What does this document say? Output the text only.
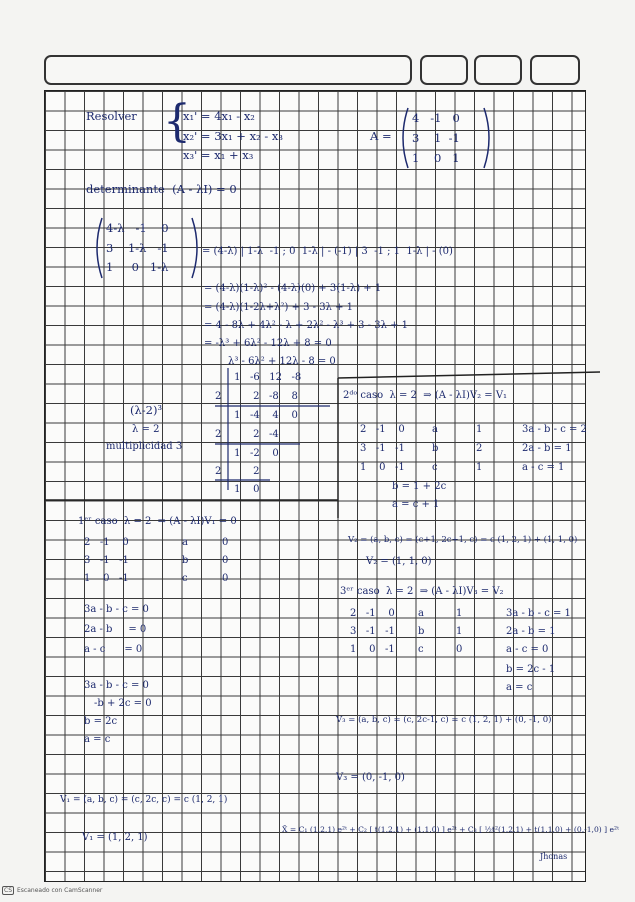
Resolver {
x₁' = 4x₁ - x₂
x₂' = 3x₁ + x₂ - x₃
x₃' = x₁ + x₃
A =
4   -1   0
3    1  -1
1    0   1
determinante  (A - λI) = 0
4-λ   -1    0
3    1-λ   -1
1     0   1-λ
= (4-λ) | 1-λ  -1 ; 0  1-λ | - (-1) | 3  -1 ; 1  1-λ | - (0)
= (4-λ)(1-λ)² - (4-λ)(0) + 3(1-λ) + 1
= (4-λ)(1-2λ+λ²) + 3 - 3λ + 1
= 4 - 8λ + 4λ² - λ + 2λ² - λ³ + 3 - 3λ + 1
= -λ³ + 6λ² - 12λ + 8 = 0
λ³ - 6λ² + 12λ - 8 = 0
1   -6   12   -8
2          2   -8    8
1   -4    4    0
2          2   -4
1   -2    0
2          2
1    0
(λ-2)³
λ = 2
multiplicidad 3
2ᵈᵒ caso  λ = 2  ⇒ (A - λI)V₂ = V₁
2   -1    0
3   -1   -1
1    0   -1
a
b
c
1
2
1
3a - b - c = 2
2a - b = 1
a - c = 1
b = 1 + 2c
a = c + 1
V₂ = (a, b, c) = (c+1, 2c+1, c) = c (1, 2, 1) + (1, 1, 0)
V₂ = (1, 1, 0)
1ᵉʳ caso  λ = 2  ⇒ (A - λI)V₁ = 0
2   -1    0
3   -1   -1
1    0   -1
a
b
c
0
0
0
3a - b - c = 0
2a - b     = 0
a - c      = 0
3a - b - c = 0
-b + 2c = 0
b = 2c
a = c
V₁ = (a, b, c) = (c, 2c, c) = c (1, 2, 1)
V₁ = (1, 2, 1)
3ᵉʳ caso  λ = 2  ⇒ (A - λI)V₃ = V₂
2   -1    0
3   -1   -1
1    0   -1
a
b
c
1
1
0
3a - b - c = 1
2a - b = 1
a - c = 0
b = 2c - 1
a = c
V₃ = (a, b, c) = (c, 2c-1, c) = c (1, 2, 1) + (0, -1, 0)
V₃ = (0, -1, 0)
X̄ = C₁ (1,2,1) e²ᵗ + C₂ [ t(1,2,1) + (1,1,0) ] e²ᵗ + C₃ [ ½t²(1,2,1) + t(1,1,0) + (0,-1,0) ] e²ᵗ
Jhonas
CS Escaneado con CamScanner
